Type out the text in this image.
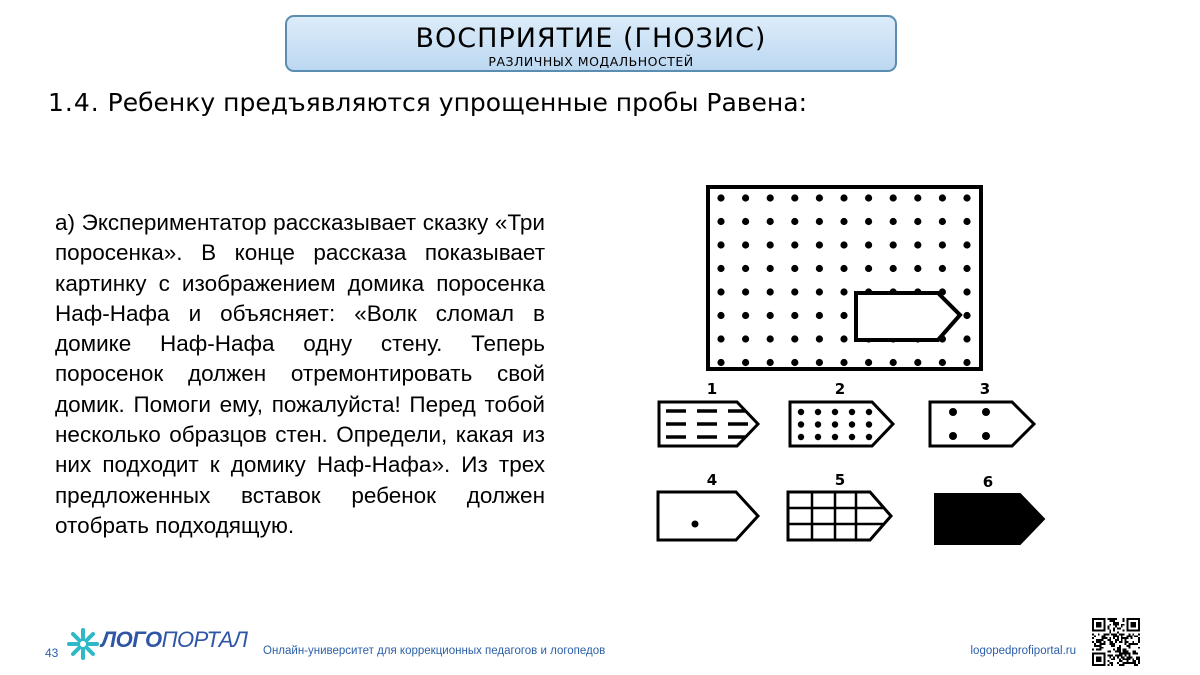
ВОСПРИЯТИЕ (ГНОЗИС)
РАЗЛИЧНЫХ МОДАЛЬНОСТЕЙ
1.4. Ребенку предъявляются упрощенные пробы Равена:
а) Экспериментатор рассказывает сказку «Три поросенка». В конце рассказа показывает картинку с изображением домика поросенка Наф-Нафа и объясняет: «Волк сломал в домике Наф-Нафа одну стену. Теперь поросенок должен отремонтировать свой домик. Помоги ему, пожалуйста! Перед тобой несколько образцов стен. Определи, какая из них подходит к домику Наф-Нафа». Из трех предложенных вставок ребенок должен отобрать подходящую.
1	2	3
4	5	6
43
ЛОГОПОРТАЛ Онлайн-университет для коррекционных педагогов и логопедов	logopedprofiportal.ru
